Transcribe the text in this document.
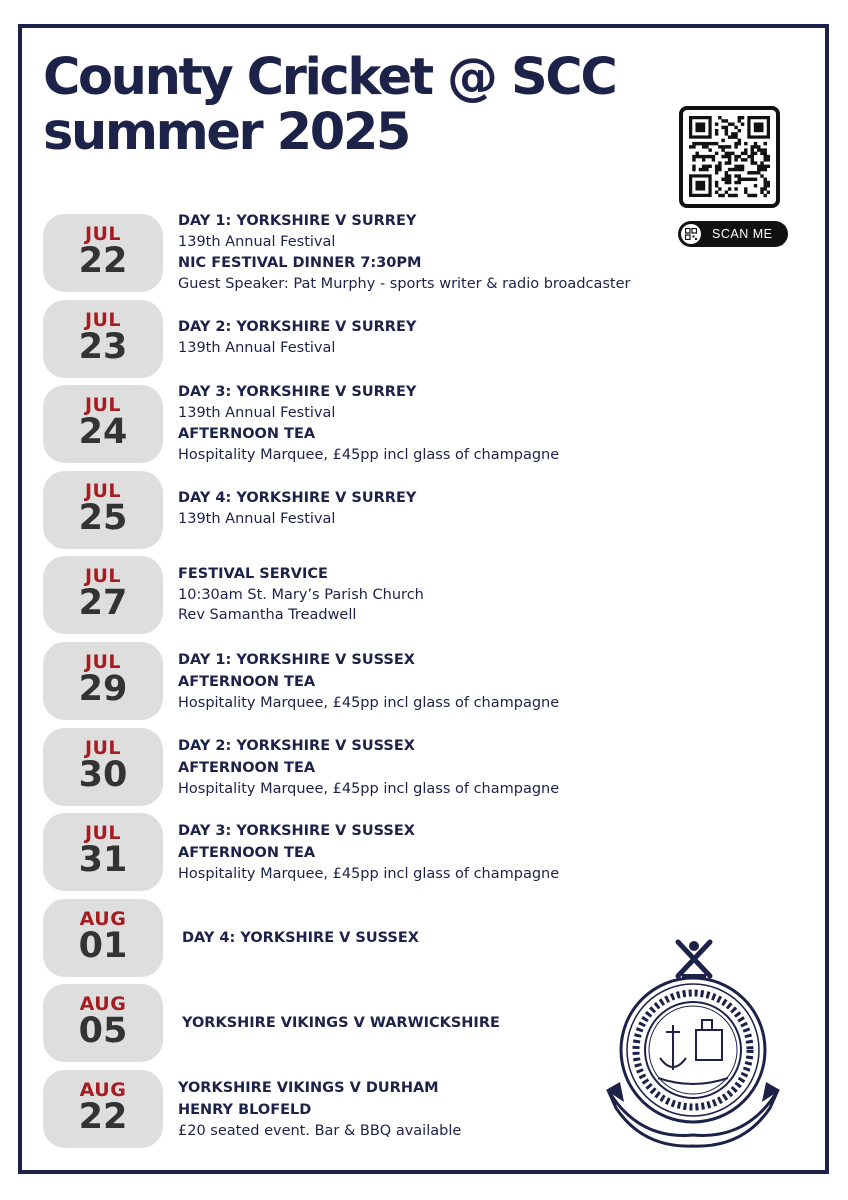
County Cricket @ SCC
summer 2025
SCAN ME
JUL
22
DAY 1: YORKSHIRE V SURREY
139th Annual Festival
NIC FESTIVAL DINNER 7:30PM
Guest Speaker: Pat Murphy - sports writer & radio broadcaster
JUL
23	DAY 2: YORKSHIRE V SURREY
139th Annual Festival
JUL
24
DAY 3: YORKSHIRE V SURREY
139th Annual Festival
AFTERNOON TEA
Hospitality Marquee, £45pp incl glass of champagne
JUL
25	DAY 4: YORKSHIRE V SURREY
139th Annual Festival
JUL
27
FESTIVAL SERVICE
10:30am St. Mary’s Parish Church
Rev Samantha Treadwell
JUL
29
DAY 1: YORKSHIRE V SUSSEX
AFTERNOON TEA
Hospitality Marquee, £45pp incl glass of champagne
JUL
30
DAY 2: YORKSHIRE V SUSSEX
AFTERNOON TEA
Hospitality Marquee, £45pp incl glass of champagne
JUL
31
DAY 3: YORKSHIRE V SUSSEX
AFTERNOON TEA
Hospitality Marquee, £45pp incl glass of champagne
AUG
01	DAY 4: YORKSHIRE V SUSSEX
AUG
05	YORKSHIRE VIKINGS V WARWICKSHIRE
AUG
22
YORKSHIRE VIKINGS V DURHAM
HENRY BLOFELD
£20 seated event. Bar & BBQ available
